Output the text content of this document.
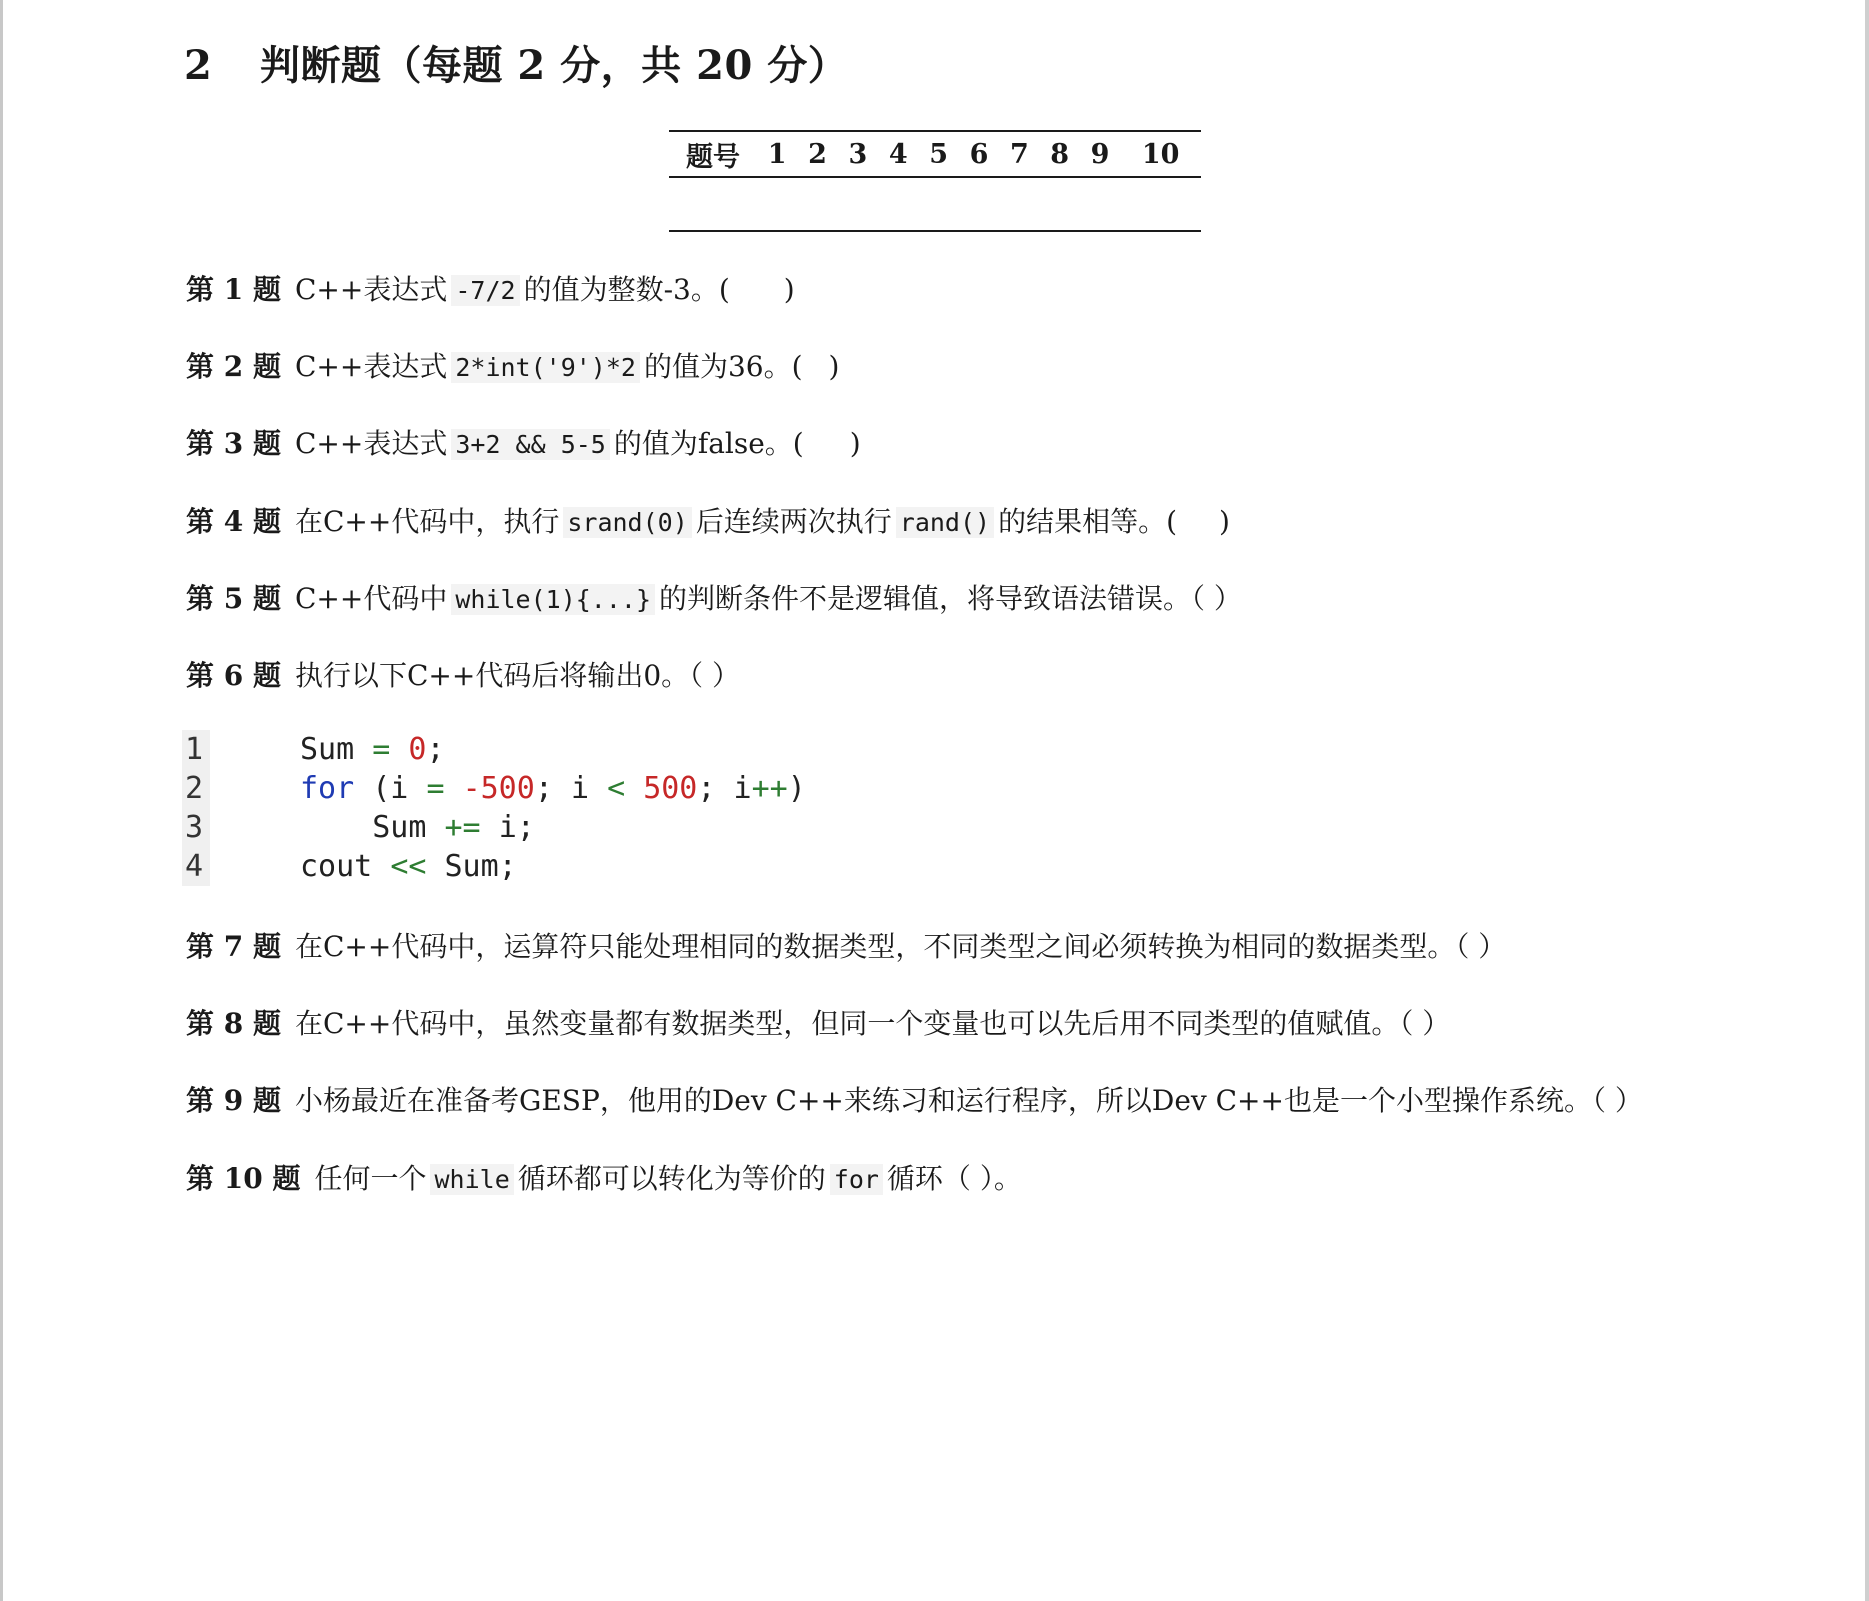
2 判断题（每题 2 分，共 20 分）
题号	1	2	3	4	5	6	7	8	9	10

第 1 题 C++表达式 -7/2 的值为整数-3。( )
第 2 题 C++表达式 2*int('9')*2 的值为36。( )
第 3 题 C++表达式 3+2 && 5-5 的值为false。( )
第 4 题 在C++代码中，执行 srand(0) 后连续两次执行 rand() 的结果相等。( )
第 5 题 C++代码中 while(1){...} 的判断条件不是逻辑值，将导致语法错误。（ ）
第 6 题 执行以下C++代码后将输出0。（ ）
1	Sum = 0;
2	for (i = -500; i < 500; i++)
3	Sum += i;
4	cout << Sum;
第 7 题 在C++代码中，运算符只能处理相同的数据类型，不同类型之间必须转换为相同的数据类型。（ ）
第 8 题 在C++代码中，虽然变量都有数据类型，但同一个变量也可以先后用不同类型的值赋值。（ ）
第 9 题 小杨最近在准备考GESP，他用的Dev C++来练习和运行程序，所以Dev C++也是一个小型操作系统。（ ）
第 10 题 任何一个 while 循环都可以转化为等价的 for 循环（ ）。
